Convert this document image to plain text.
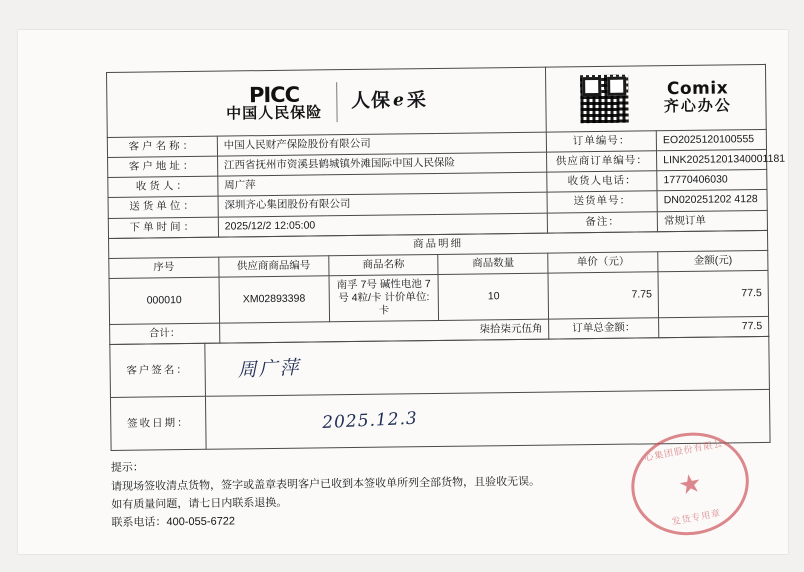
PICC
中国人民保险
人保 e 采

Comix
齐心办公

客户名称：	中国人民财产保险股份有限公司	订单编号：	EO2025120100555
客户地址：	江西省抚州市资溪县鹤城镇外滩国际中国人民保险	供应商订单编号：	LINK20251201340001181
收货人：	周广萍	收货人电话：	17770406030
送货单位：	深圳齐心集团股份有限公司	送货单号：	DN020251202 4128
下单时间：	2025/12/2 12:05:00	备注：	常规订单
商品明细					
序号	供应商商品编号	商品名称	商品数量	单价（元）	金额(元)
000010	XM02893398	南孚 7号 碱性电池 7号 4粒/卡 计价单位:卡	10	7.75	77.5
合计：	柒拾柒元伍角			订单总金额：	77.5
客户签名：	周广萍
签收日期：	2025.12.3
提示：
请现场签收清点货物，签字或盖章表明客户已收到本签收单所列全部货物，且验收无误。
如有质量问题，请七日内联系退换。
联系电话：400-055-6722
齐心集团股份有限公司
★
发货专用章
